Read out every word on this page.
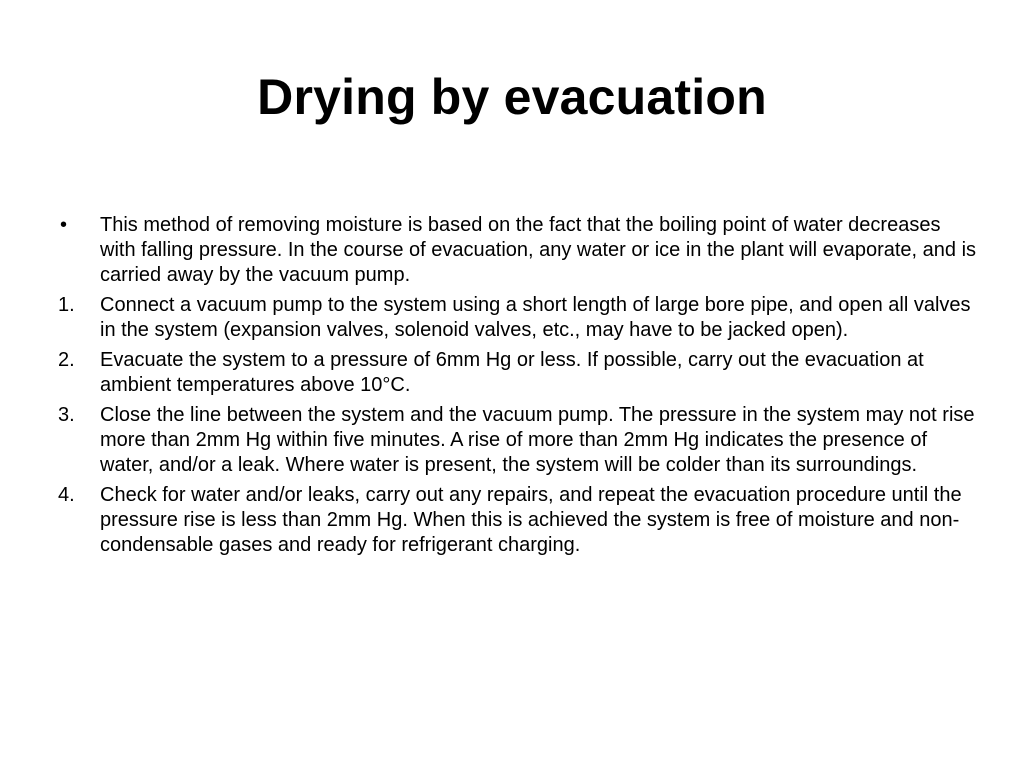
Drying by evacuation
•	This method of removing moisture is based on the fact that the boiling point of water decreases with falling pressure. In the course of evacuation, any water or ice in the plant will evaporate, and is carried away by the vacuum pump.
1.	Connect a vacuum pump to the system using a short length of large bore pipe, and open all valves in the system (expansion valves, solenoid valves, etc., may have to be jacked open).
2.	Evacuate the system to a pressure of 6mm Hg or less. If possible, carry out the evacuation at ambient temperatures above 10°C.
3.	Close the line between the system and the vacuum pump. The pressure in the system may not rise more than 2mm Hg within five minutes. A rise of more than 2mm Hg indicates the presence of water, and/or a leak. Where water is present, the system will be colder than its surroundings.
4.	Check for water and/or leaks, carry out any repairs, and repeat the evacuation procedure until the pressure rise is less than 2mm Hg. When this is achieved the system is free of moisture and non-condensable gases and ready for refrigerant charging.
